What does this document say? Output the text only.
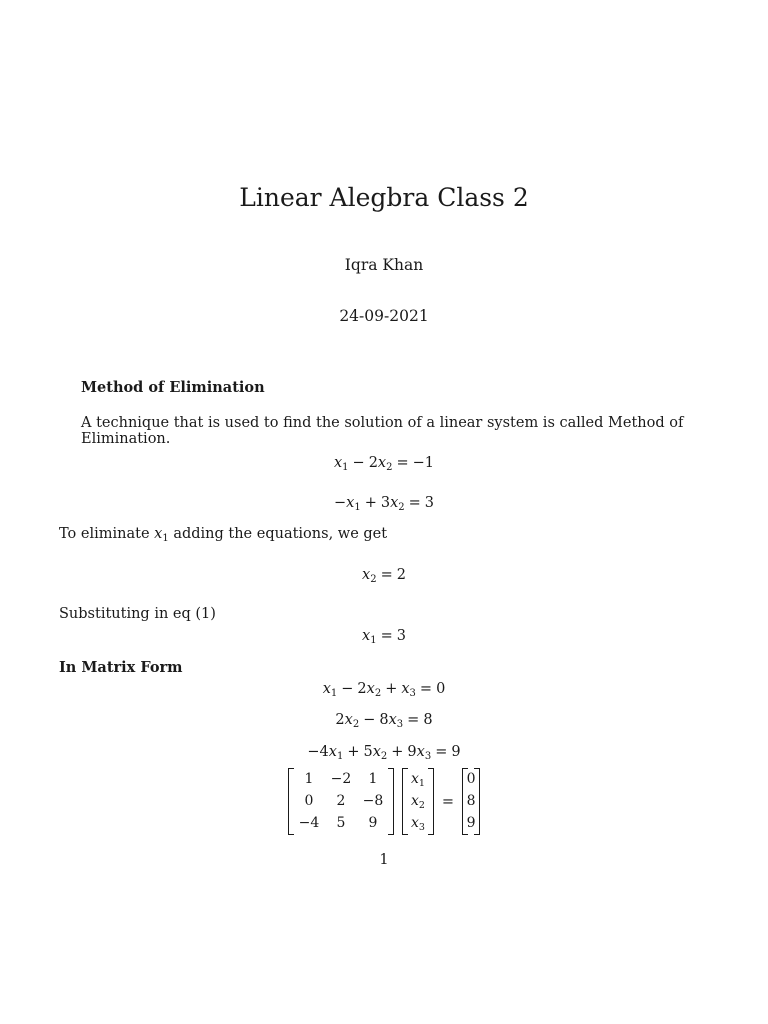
Linear Alegbra Class 2
Iqra Khan
24-09-2021
Method of Elimination
A technique that is used to find the solution of a linear system is called Method of Elimination.
$x_1 - 2x_2 = -1$
$-x_1 + 3x_2 = 3$
To eliminate $x_1$ adding the equations, we get
$x_2 = 2$
Substituting in eq (1)
$x_1 = 3$
In Matrix Form
$x_1 - 2x_2 + x_3 = 0$
$2x_2 - 8x_3 = 8$
$-4x_1 + 5x_2 + 9x_3 = 9$
1	−2	1
0	2	−8
−4	5	9
$x_1$
$x_2$
$x_3$
=
0
8
9
1
